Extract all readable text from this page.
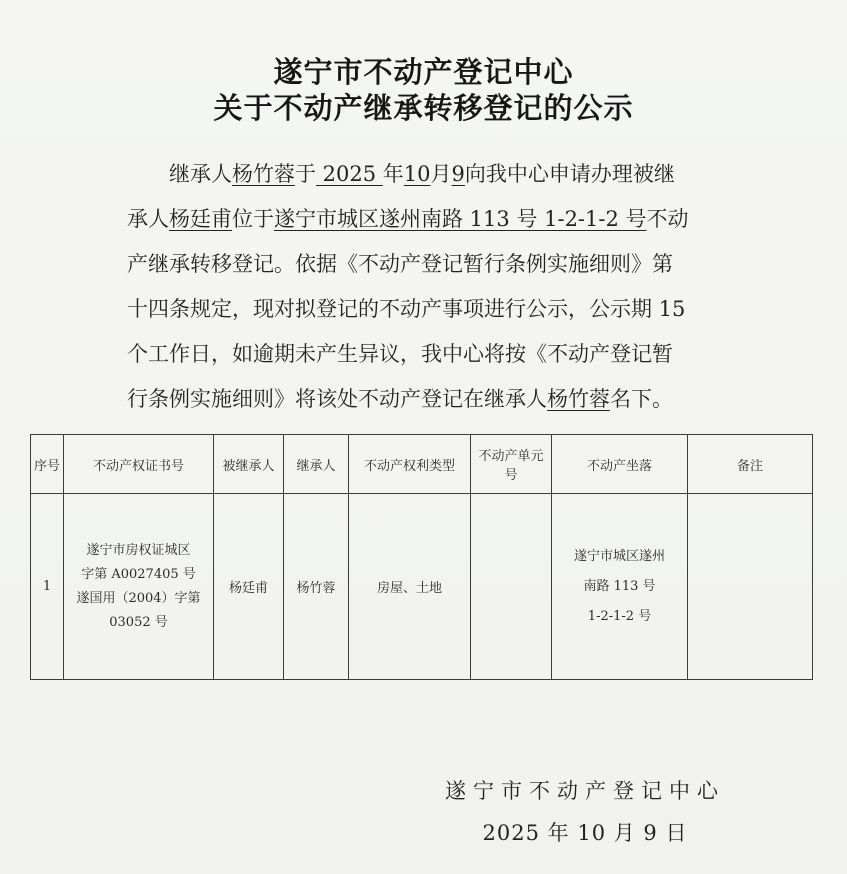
遂宁市不动产登记中心
关于不动产继承转移登记的公示
继承人杨竹蓉于 2025 年10月9向我中心申请办理被继
承人杨廷甫位于遂宁市城区遂州南路 113 号 1-2-1-2 号不动
产继承转移登记。依据《不动产登记暂行条例实施细则》第
十四条规定，现对拟登记的不动产事项进行公示，公示期 15
个工作日，如逾期未产生异议，我中心将按《不动产登记暂
行条例实施细则》将该处不动产登记在继承人杨竹蓉名下。
序号	不动产权证书号	被继承人	继承人	不动产权利类型	不动产单元号	不动产坐落	备注
1	遂宁市房权证城区
字第 A0027405 号
遂国用（2004）字第
03052 号	杨廷甫	杨竹蓉	房屋、土地		遂宁市城区遂州
南路 113 号
1-2-1-2 号	

遂宁市不动产登记中心
2025 年 10 月 9 日
